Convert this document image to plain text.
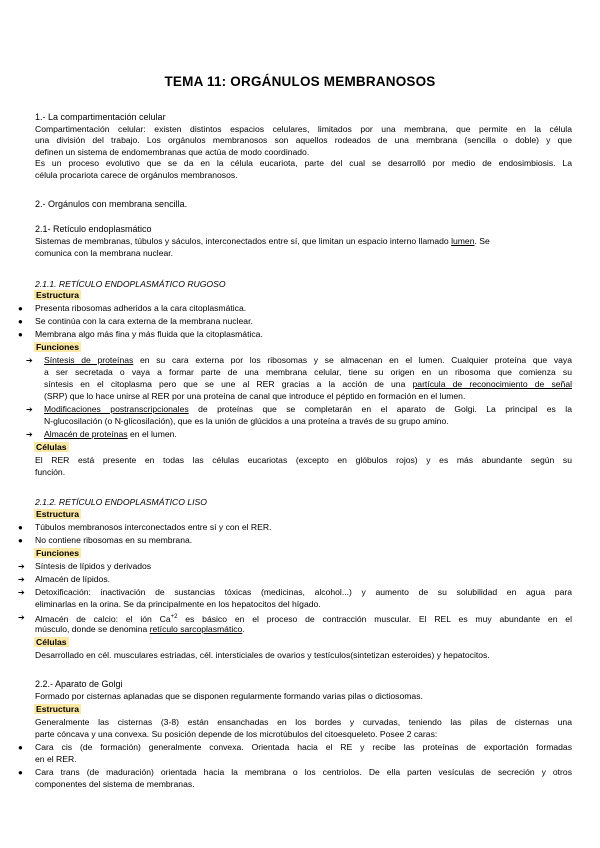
TEMA 11: ORGÁNULOS MEMBRANOSOS
1.- La compartimentación celular
Compartimentación celular: existen distintos espacios celulares, limitados por una membrana, que permite en la célula
una división del trabajo. Los orgánulos membranosos son aquellos rodeados de una membrana (sencilla o doble) y que
definen un sistema de endomembranas que actúa de modo coordinado.
Es un proceso evolutivo que se da en la célula eucariota, parte del cual se desarrolló por medio de endosimbiosis. La
célula procariota carece de orgánulos membranosos.
2.- Orgánulos con membrana sencilla.
2.1- Retículo endoplasmático
Sistemas de membranas, túbulos y sáculos, interconectados entre sí, que limitan un espacio interno llamado lumen. Se
comunica con la membrana nuclear.
2.1.1. RETÍCULO ENDOPLASMÁTICO RUGOSO
Estructura
● Presenta ribosomas adheridos a la cara citoplasmática.
● Se continúa con la cara externa de la membrana nuclear.
● Membrana algo más fina y más fluida que la citoplasmática.
Funciones
➔ Síntesis de proteínas en su cara externa por los ribosomas y se almacenan en el lumen. Cualquier proteína que vaya
a ser secretada o vaya a formar parte de una membrana celular, tiene su origen en un ribosoma que comienza su
síntesis en el citoplasma pero que se une al RER gracias a la acción de una partícula de reconocimiento de señal
(SRP) que lo hace unirse al RER por una proteína de canal que introduce el péptido en formación en el lumen.
➔ Modificaciones postranscripcionales de proteínas que se completarán en el aparato de Golgi. La principal es la
N-glucosilación (o N-glicosilación), que es la unión de glúcidos a una proteína a través de su grupo amino.
➔ Almacén de proteínas en el lumen.
Células
El RER está presente en todas las células eucariotas (excepto en glóbulos rojos) y es más abundante según su
función.
2.1.2. RETÍCULO ENDOPLASMÁTICO LISO
Estructura
● Túbulos membranosos interconectados entre sí y con el RER.
● No contiene ribosomas en su membrana.
Funciones
➔ Síntesis de lípidos y derivados
➔ Almacén de lípidos.
➔ Detoxificación: inactivación de sustancias tóxicas (medicinas, alcohol...) y aumento de su solubilidad en agua para
eliminarlas en la orina. Se da principalmente en los hepatocitos del hígado.
➔ Almacén de calcio: el ión $Ca^{+2}$ es básico en el proceso de contracción muscular. El REL es muy abundante en el
músculo, donde se denomina retículo sarcoplasmático.
Células
Desarrollado en cél. musculares estriadas, cél. intersticiales de ovarios y testículos(sintetizan esteroides) y hepatocitos.
2.2.- Aparato de Golgi
Formado por cisternas aplanadas que se disponen regularmente formando varias pilas o dictiosomas.
Estructura
Generalmente las cisternas (3-8) están ensanchadas en los bordes y curvadas, teniendo las pilas de cisternas una
parte cóncava y una convexa. Su posición depende de los microtúbulos del citoesqueleto. Posee 2 caras:
● Cara cis (de formación) generalmente convexa. Orientada hacia el RE y recibe las proteínas de exportación formadas
en el RER.
● Cara trans (de maduración) orientada hacia la membrana o los centriolos. De ella parten vesículas de secreción y otros
componentes del sistema de membranas.
